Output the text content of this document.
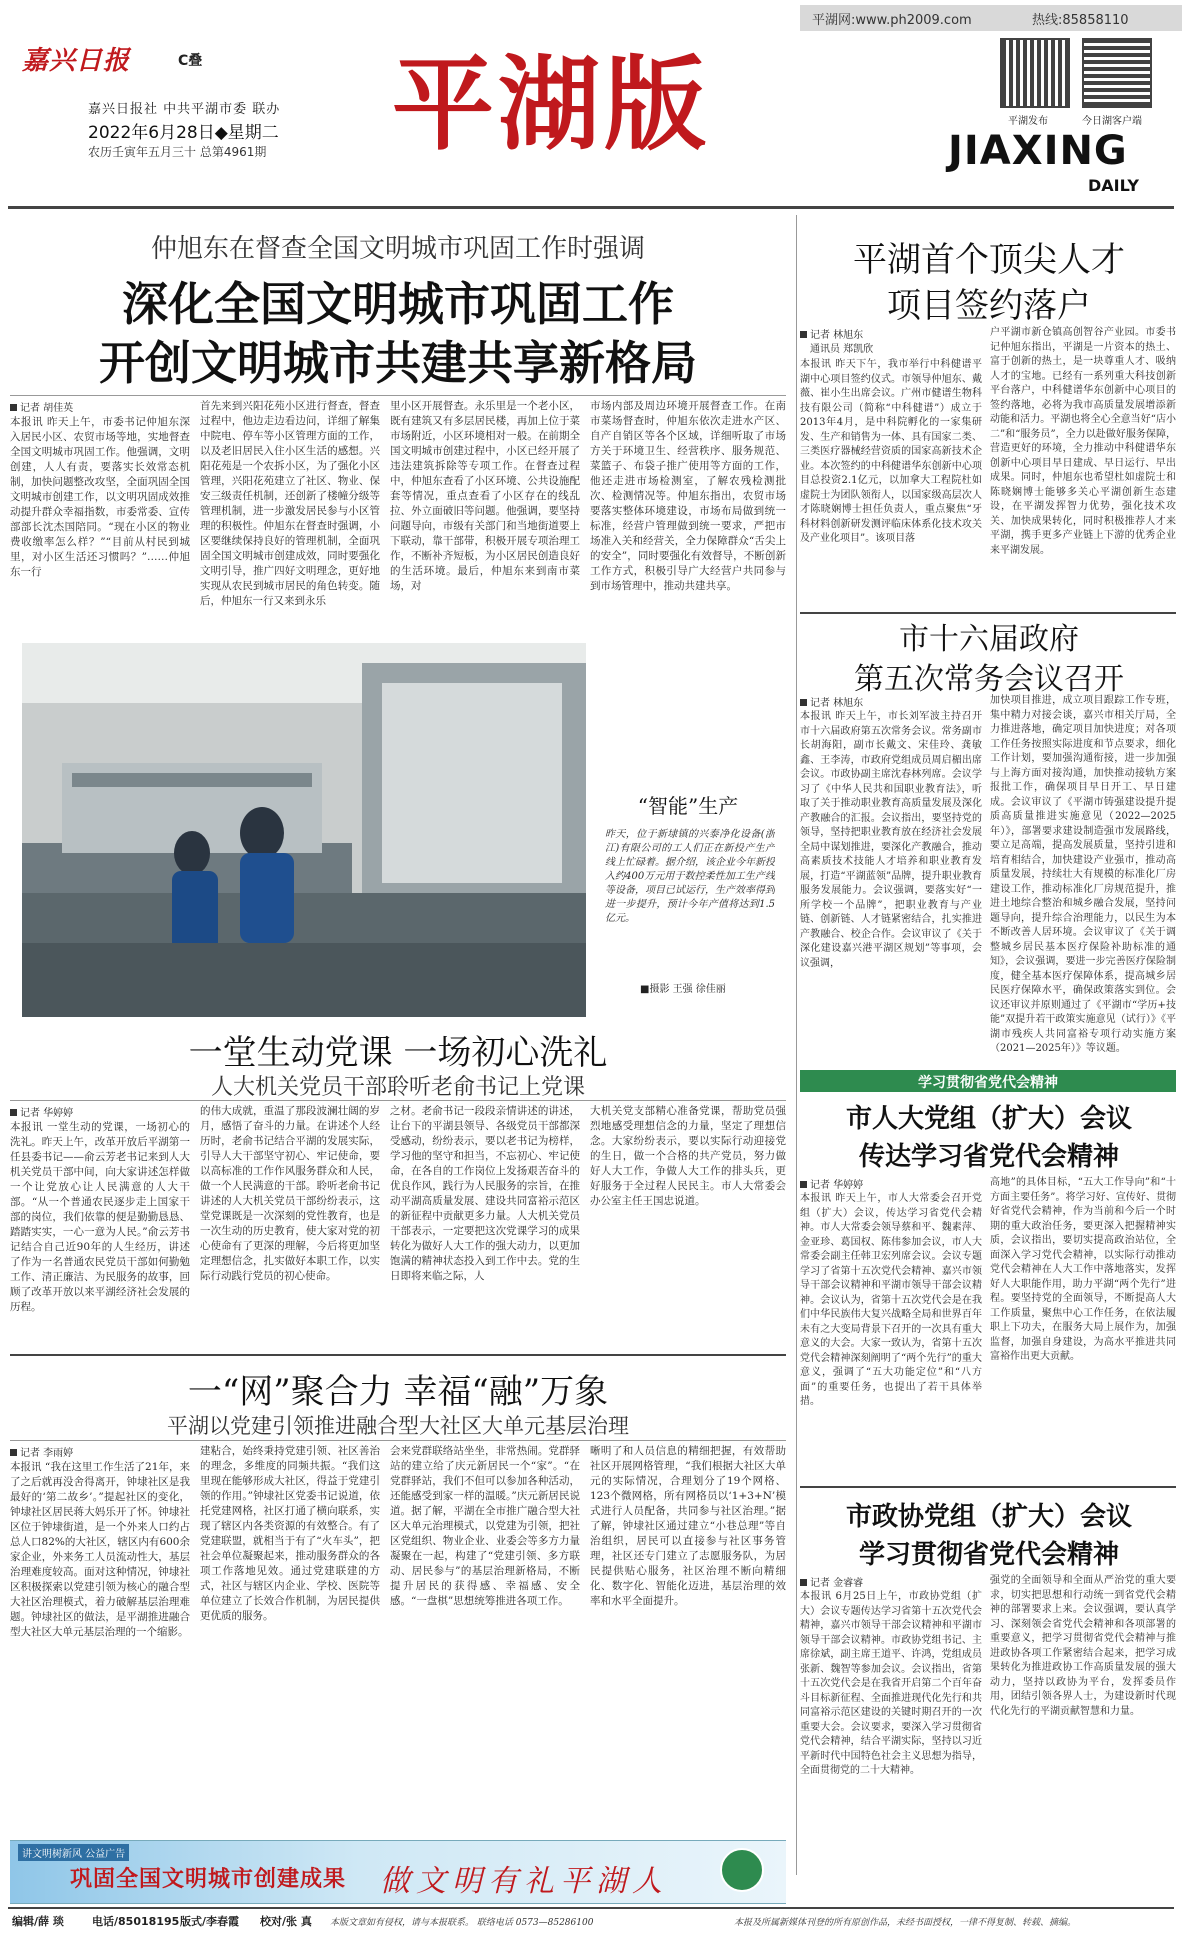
平湖网:www.ph2009.com	热线:85858110
嘉兴日报	C叠
嘉兴日报社 中共平湖市委 联办
2022年6月28日◆星期二
农历壬寅年五月三十 总第4961期 平湖版	平湖发布	今日湖客户端
JIAXING
DAILY
仲旭东在督查全国文明城市巩固工作时强调
深化全国文明城市巩固工作
开创文明城市共建共享新格局
记者 胡佳英
本报讯 昨天上午，市委书记仲旭东深入居民小区、农贸市场等地，实地督查全国文明城市巩固工作。他强调，文明创建，人人有责，要落实长效常态机制，加快问题整改攻坚，全面巩固全国文明城市创建工作，以文明巩固成效推动提升群众幸福指数，市委常委、宣传部部长沈杰国陪同。“现在小区的物业费收缴率怎么样？”“目前从村民到城里，对小区生活还习惯吗？”……仲旭东一行
首先来到兴阳花苑小区进行督查，督查过程中，他边走边看边问，详细了解集中院电、停车等小区管理方面的工作，以及老旧居民入住小区生活的感想。兴阳花苑是一个农拆小区，为了强化小区管理，兴阳花苑建立了社区、物业、保安三级责任机制，还创新了楼幢分级等管理机制，进一步激发居民参与小区管理的积极性。仲旭东在督查时强调，小区要继续保持良好的管理机制，全面巩固全国文明城市创建成效，同时要强化文明引导，推广四好文明理念，更好地实现从农民到城市居民的角色转变。随后，仲旭东一行又来到永乐
里小区开展督查。永乐里是一个老小区，既有建筑又有多层居民楼，再加上位于菜市场附近，小区环境相对一般。在前期全国文明城市创建过程中，小区已经开展了违法建筑拆除等专项工作。在督查过程中，仲旭东查看了小区环境、公共设施配套等情况，重点查看了小区存在的线乱拉、外立面破旧等问题。他强调，要坚持问题导向，市级有关部门和当地街道要上下联动，靠干部带，积极开展专项治理工作，不断补齐短板，为小区居民创造良好的生活环境。最后，仲旭东来到南市菜场，对
市场内部及周边环境开展督查工作。在南市菜场督查时，仲旭东依次走进水产区、自产自销区等各个区域，详细听取了市场方关于环境卫生、经营秩序、服务规范、菜篮子、布袋子推广使用等方面的工作，他还走进市场检测室，了解农残检测批次、检测情况等。仲旭东指出，农贸市场要落实整体环境建设，市场布局做到统一标准，经营户管理做到统一要求，严把市场准入关和经营关，全力保障群众“舌尖上的安全”，同时要强化有效督导，不断创新工作方式，积极引导广大经营户共同参与到市场管理中，推动共建共享。
平湖首个顶尖人才
项目签约落户
记者 林旭东
通讯员 郑凯欣
本报讯 昨天下午，我市举行中科健谱平湖中心项目签约仪式。市领导仲旭东、戴薇、崔小生出席会议。广州市健谱生物科技有限公司（简称“中科健谱”）成立于2013年4月，是中科院孵化的一家集研发、生产和销售为一体、具有国家二类、三类医疗器械经营资质的国家高新技术企业。本次签约的中科健谱华东创新中心项目总投资2.1亿元，以加拿大工程院杜如虚院士为团队领衔人，以国家级高层次人才陈晓娴博士担任负责人，重点聚焦“牙科材料创新研发测评临床体系化技术攻关及产业化项目”。该项目落
户平湖市新仓镇高创智谷产业园。市委书记仲旭东指出，平湖是一片资本的热土、富于创新的热土，是一块尊重人才、吸纳人才的宝地。已经有一系列重大科技创新平台落户，中科健谱华东创新中心项目的签约落地，必将为我市高质量发展增添新动能和活力。平湖也将全心全意当好“店小二”和“服务员”，全力以赴做好服务保障，营造更好的环境，全力推动中科健谱华东创新中心项目早日建成、早日运行、早出成果。同时，仲旭东也希望杜如虚院士和陈晓娴博士能够多关心平湖创新生态建设，在平湖发挥智力优势，强化技术攻关、加快成果转化，同时积极推荐人才来平湖，携手更多产业链上下游的优秀企业来平湖发展。
“智能”生产
昨天，位于新埭镇的兴泰净化设备(浙江)有限公司的工人们正在新投产生产线上忙碌着。据介绍，该企业今年新投入约400万元用于数控柔性加工生产线等设备，项目已试运行，生产效率得到进一步提升，预计今年产值将达到1.5亿元。
■摄影 王强 徐佳丽
市十六届政府
第五次常务会议召开
记者 林旭东
本报讯 昨天上午，市长刘军波主持召开市十六届政府第五次常务会议。常务副市长胡海阳，副市长戴文、宋佳玲、龚敏鑫、王李涛，市政府党组成员周启楣出席会议。市政协副主席沈春林列席。会议学习了《中华人民共和国职业教育法》，听取了关于推动职业教育高质量发展及深化产教融合的汇报。会议指出，要坚持党的领导，坚持把职业教育放在经济社会发展全局中谋划推进，要深化产教融合，推动高素质技术技能人才培养和职业教育发展，打造“平湖蓝领”品牌，提升职业教育服务发展能力。会议强调，要落实好“一所学校一个品牌”，把职业教育与产业链、创新链、人才链紧密结合，扎实推进产教融合、校企合作。会议审议了《关于深化建设嘉兴港平湖区规划”等事项，会议强调，
加快项目推进，成立项目跟踪工作专班，集中精力对接会谈，嘉兴市相关厅局，全力推进落地，确定项目加快进度；对各项工作任务按照实际进度和节点要求，细化工作计划，要加强沟通衔接，进一步加强与上海方面对接沟通，加快推动接轨方案报批工作，确保项目早日开工、早日建成。会议审议了《平湖市铸强建设提升提质高质量推进实施意见（2022—2025年）》，部署要求建设制造强市发展路线，要立足高端，提高发展质量，坚持引进和培育相结合，加快建设产业强市，推动高质量发展，持续壮大有规模的标准化厂房建设工作，推动标准化厂房规范提升，推进土地综合整治和城乡融合发展，坚持问题导向，提升综合治理能力，以民生为本不断改善人居环境。会议审议了《关于调整城乡居民基本医疗保险补助标准的通知》，会议强调，要进一步完善医疗保险制度，健全基本医疗保障体系，提高城乡居民医疗保障水平，确保政策落实到位。会议还审议并原则通过了《平湖市“学历+技能”双提升若干政策实施意见（试行）》《平湖市残疾人共同富裕专项行动实施方案（2021—2025年）》等议题。
学习贯彻省党代会精神
市人大党组（扩大）会议
传达学习省党代会精神
记者 华婷婷
本报讯 昨天上午，市人大常委会召开党组（扩大）会议，传达学习省党代会精神。市人大常委会领导蔡和平、魏素萍、金亚珍、葛国权、陈伟参加会议，市人大常委会副主任韩卫宏列席会议。会议专题学习了省第十五次党代会精神、嘉兴市领导干部会议精神和平湖市领导干部会议精神。会议认为，省第十五次党代会是在我们中华民族伟大复兴战略全局和世界百年未有之大变局背景下召开的一次具有重大意义的大会。大家一致认为，省第十五次党代会精神深刻阐明了“两个先行”的重大意义，强调了“五大功能定位”和“八方面”的重要任务，也提出了若干具体举措。
高地”的具体目标，“五大工作导向”和“十方面主要任务”。将学习好、宣传好、贯彻好省党代会精神，作为当前和今后一个时期的重大政治任务，要更深入把握精神实质，会议指出，要切实提高政治站位，全面深入学习党代会精神，以实际行动推动党代会精神在人大工作中落地落实，发挥好人大职能作用，助力平湖“两个先行”进程。要坚持党的全面领导，不断提高人大工作质量，聚焦中心工作任务，在依法履职上下功夫，在服务大局上展作为，加强监督，加强自身建设，为高水平推进共同富裕作出更大贡献。
市政协党组（扩大）会议
学习贯彻省党代会精神
记者 金睿睿
本报讯 6月25日上午，市政协党组（扩大）会议专题传达学习省第十五次党代会精神，嘉兴市领导干部会议精神和平湖市领导干部会议精神。市政协党组书记、主席徐斌，副主席王道平、许鸿，党组成员张新、魏智等参加会议。会议指出，省第十五次党代会是在我省开启第二个百年奋斗目标新征程、全面推进现代化先行和共同富裕示范区建设的关键时期召开的一次重要大会。会议要求，要深入学习贯彻省党代会精神，结合平湖实际，坚持以习近平新时代中国特色社会主义思想为指导，全面贯彻党的二十大精神。
强党的全面领导和全面从严治党的重大要求，切实把思想和行动统一到省党代会精神的部署要求上来。会议强调，要认真学习、深刻领会省党代会精神和各项部署的重要意义，把学习贯彻省党代会精神与推进政协各项工作紧密结合起来，把学习成果转化为推进政协工作高质量发展的强大动力，坚持以政协为平台，发挥委员作用，团结引领各界人士，为建设新时代现代化先行的平湖贡献智慧和力量。
一堂生动党课 一场初心洗礼
人大机关党员干部聆听老俞书记上党课
记者 华婷婷
本报讯 一堂生动的党课，一场初心的洗礼。昨天上午，改革开放后平湖第一任县委书记——俞云芳老书记来到人大机关党员干部中间，向大家讲述怎样做一个让党放心让人民满意的人大干部。“从一个普通农民逐步走上国家干部的岗位，我们依靠的便是勤勤恳恳、踏踏实实，一心一意为人民。”俞云芳书记结合自己近90年的人生经历，讲述了作为一名普通农民党员干部如何勤勉工作、清正廉洁、为民服务的故事，回顾了改革开放以来平湖经济社会发展的历程。
的伟大成就，重温了那段波澜壮阔的岁月，感悟了奋斗的力量。在讲述个人经历时，老俞书记结合平湖的发展实际，引导人大干部坚守初心、牢记使命，要以高标准的工作作风服务群众和人民，做一个人民满意的干部。聆听老俞书记讲述的人大机关党员干部纷纷表示，这堂党课既是一次深刻的党性教育，也是一次生动的历史教育，使大家对党的初心使命有了更深的理解，今后将更加坚定理想信念，扎实做好本职工作，以实际行动践行党员的初心使命。
之材。老俞书记一段段亲情讲述的讲述，让台下的平湖县领导、各级党员干部都深受感动，纷纷表示，要以老书记为榜样，学习他的坚守和担当，不忘初心、牢记使命，在各自的工作岗位上发扬艰苦奋斗的优良作风，践行为人民服务的宗旨，在推动平湖高质量发展、建设共同富裕示范区的新征程中贡献更多力量。人大机关党员干部表示，一定要把这次党课学习的成果转化为做好人大工作的强大动力，以更加饱满的精神状态投入到工作中去。党的生日即将来临之际，人
大机关党支部精心准备党课，帮助党员强烈地感受理想信念的力量，坚定了理想信念。大家纷纷表示，要以实际行动迎接党的生日，做一个合格的共产党员，努力做好人大工作，争做人大工作的排头兵，更好服务于全过程人民民主。市人大常委会办公室主任王国忠说道。
一“网”聚合力 幸福“融”万象
平湖以党建引领推进融合型大社区大单元基层治理
记者 李雨婷
本报讯 “我在这里工作生活了21年，来了之后就再没舍得离开，钟埭社区是我最好的‘第二故乡’。”提起社区的变化，钟埭社区居民蒋大妈乐开了怀。钟埭社区位于钟埭街道，是一个外来人口约占总人口82%的大社区，辖区内有600余家企业，外来务工人员流动性大，基层治理难度较高。面对这种情况，钟埭社区积极探索以党建引领为核心的融合型大社区治理模式，着力破解基层治理难题。钟埭社区的做法，是平湖推进融合型大社区大单元基层治理的一个缩影。
建粘合，始终秉持党建引领、社区善治的理念，多维度的同频共振。“我们这里现在能够形成大社区，得益于党建引领的作用。”钟埭社区党委书记说道，依托党建网格，社区打通了横向联系，实现了辖区内各类资源的有效整合。有了党建联盟，就相当于有了“火车头”，把社会单位凝聚起来，推动服务群众的各项工作落地见效。通过党建联建的方式，社区与辖区内企业、学校、医院等单位建立了长效合作机制，为居民提供更优质的服务。
会来党群联络站坐坐，非常热闹。党群驿站的建立给了庆元新居民一个“家”。“在党群驿站，我们不但可以参加各种活动，还能感受到家一样的温暖。”庆元新居民说道。据了解，平湖在全市推广融合型大社区大单元治理模式，以党建为引领，把社区党组织、物业企业、业委会等多方力量凝聚在一起，构建了“党建引领、多方联动、居民参与”的基层治理新格局，不断提升居民的获得感、幸福感、安全感。“一盘棋”思想统筹推进各项工作。
晰明了和人员信息的精细把握，有效帮助社区开展网格管理，“我们根据大社区大单元的实际情况，合理划分了19个网格、123个微网格，所有网格员以‘1+3+N’模式进行人员配备，共同参与社区治理。”据了解，钟埭社区通过建立“小巷总理”等自治组织，居民可以直接参与社区事务管理，社区还专门建立了志愿服务队，为居民提供贴心服务，社区治理不断向精细化、数字化、智能化迈进，基层治理的效率和水平全面提升。
讲文明树新风 公益广告
巩固全国文明城市创建成果 做文明有礼平湖人
编辑/薛 琰	电话/85018195 版式/李春霞 校对/张 真 本版文章如有侵权，请与本报联系。 联络电话 0573—85286100	本报及所属新媒体刊登的所有原创作品，未经书面授权，一律不得复制、转载、摘编。
